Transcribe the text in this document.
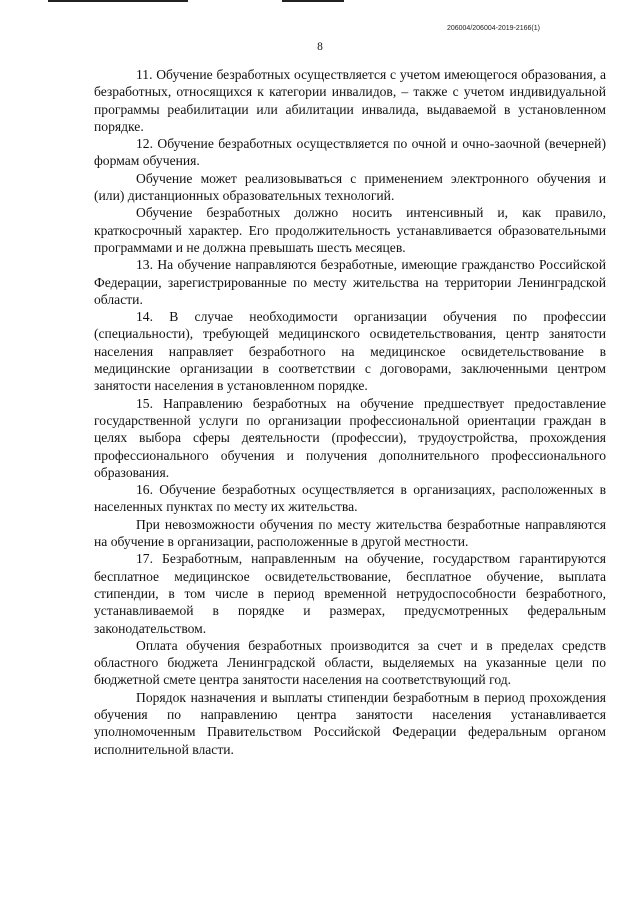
206004/206004-2019-2166(1)
8

11. Обучение безработных осуществляется с учетом имеющегося образования, а безработных, относящихся к категории инвалидов, – также с учетом индивидуальной программы реабилитации или абилитации инвалида, выдаваемой в установленном порядке.

12. Обучение безработных осуществляется по очной и очно-заочной (вечерней) формам обучения.

Обучение может реализовываться с применением электронного обучения и (или) дистанционных образовательных технологий.

Обучение безработных должно носить интенсивный и, как правило, краткосрочный характер. Его продолжительность устанавливается образовательными программами и не должна превышать шесть месяцев.

13. На обучение направляются безработные, имеющие гражданство Российской Федерации, зарегистрированные по месту жительства на территории Ленинградской области.

14. В случае необходимости организации обучения по профессии (специальности), требующей медицинского освидетельствования, центр занятости населения направляет безработного на медицинское освидетельствование в медицинские организации в соответствии с договорами, заключенными центром занятости населения в установленном порядке.

15. Направлению безработных на обучение предшествует предоставление государственной услуги по организации профессиональной ориентации граждан в целях выбора сферы деятельности (профессии), трудоустройства, прохождения профессионального обучения и получения дополнительного профессионального образования.

16. Обучение безработных осуществляется в организациях, расположенных в населенных пунктах по месту их жительства.

При невозможности обучения по месту жительства безработные направляются на обучение в организации, расположенные в другой местности.

17. Безработным, направленным на обучение, государством гарантируются бесплатное медицинское освидетельствование, бесплатное обучение, выплата стипендии, в том числе в период временной нетрудоспособности безработного, устанавливаемой в порядке и размерах, предусмотренных федеральным законодательством.

Оплата обучения безработных производится за счет и в пределах средств областного бюджета Ленинградской области, выделяемых на указанные цели по бюджетной смете центра занятости населения на соответствующий год.

Порядок назначения и выплаты стипендии безработным в период прохождения обучения по направлению центра занятости населения устанавливается уполномоченным Правительством Российской Федерации федеральным органом исполнительной власти.
